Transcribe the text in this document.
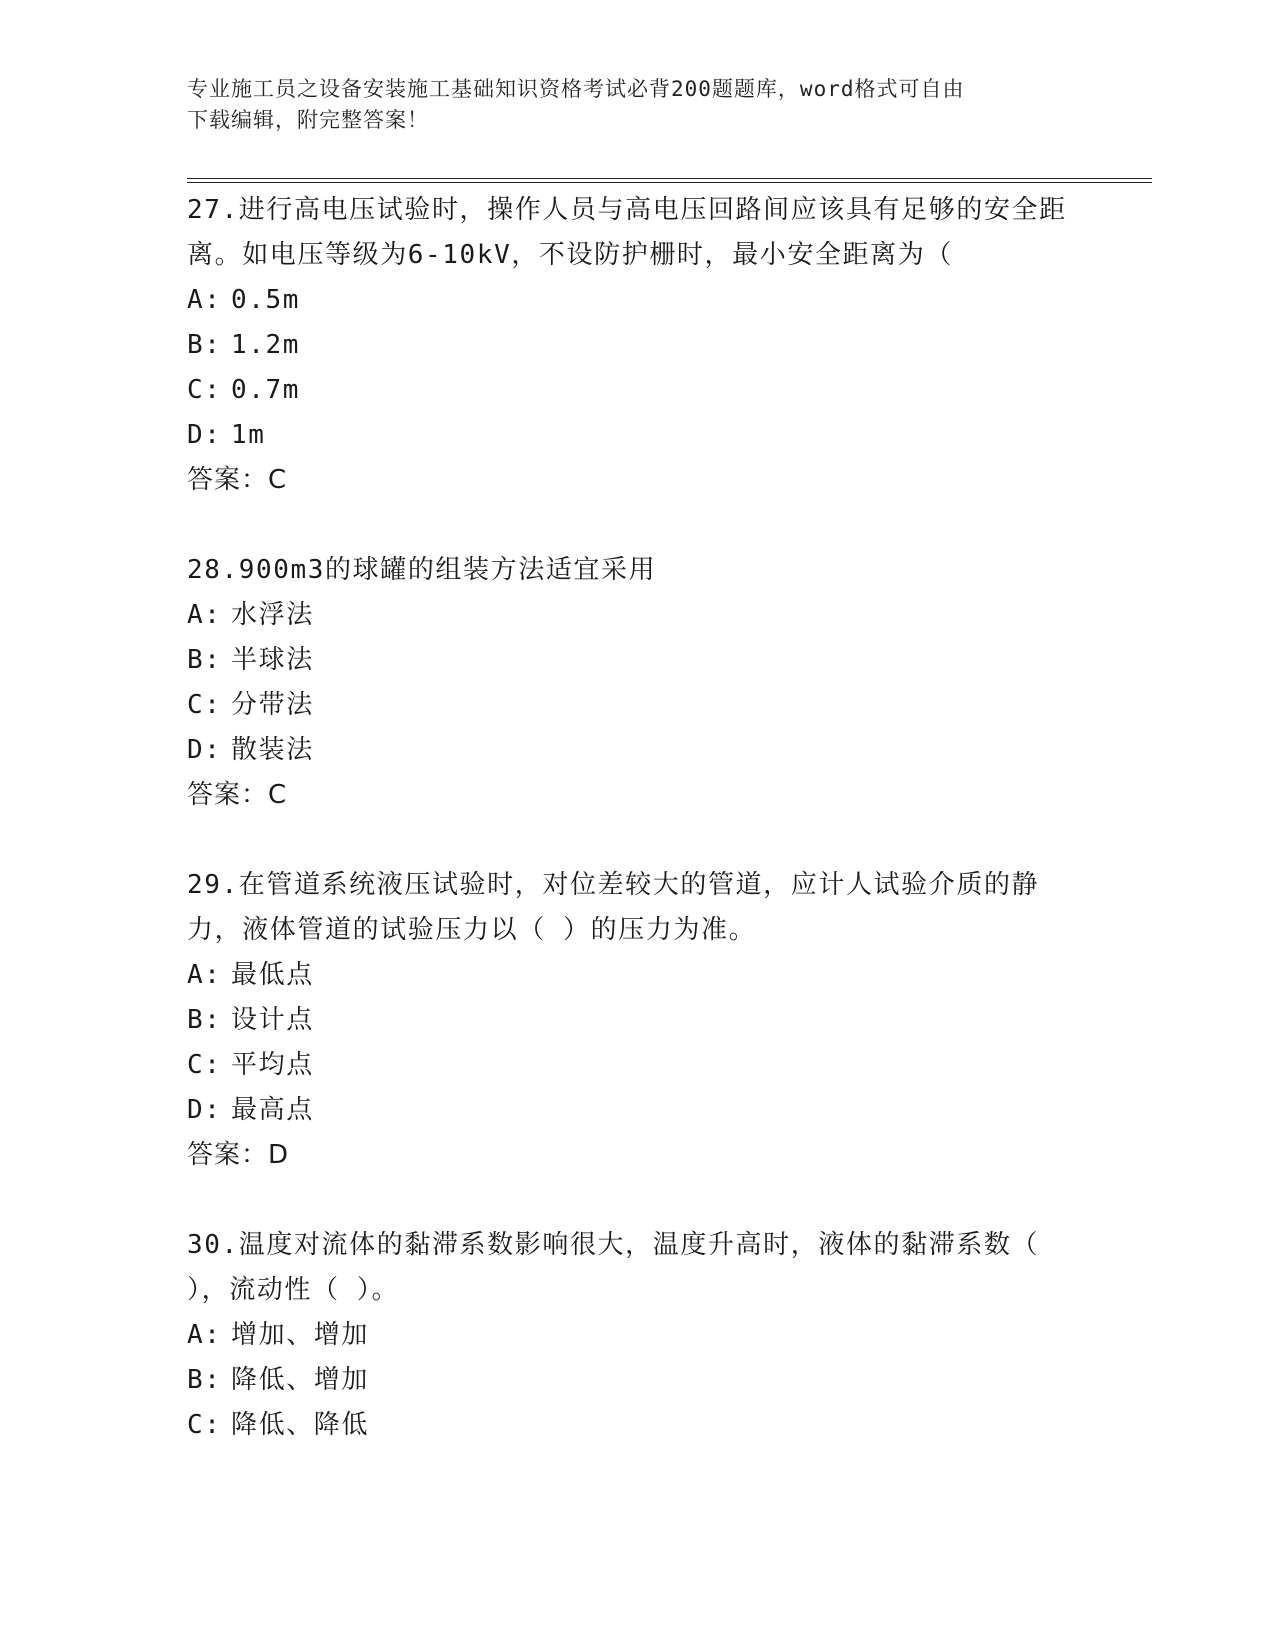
专业施工员之设备安装施工基础知识资格考试必背200题题库，word格式可自由
下载编辑，附完整答案！

27.进行高电压试验时，操作人员与高电压回路间应该具有足够的安全距离。如电压等级为6-10kV，不设防护栅时，最小安全距离为（

A: 0.5m

B: 1.2m

C: 0.7m

D: 1m

答案：C

28.900m3的球罐的组装方法适宜采用

A: 水浮法

B: 半球法

C: 分带法

D: 散装法

答案：C

29.在管道系统液压试验时，对位差较大的管道，应计人试验介质的静力，液体管道的试验压力以（ ）的压力为准。

A: 最低点

B: 设计点

C: 平均点

D: 最高点

答案：D

30.温度对流体的黏滞系数影响很大，温度升高时，液体的黏滞系数（ ），流动性（ ）。

A: 增加、增加

B: 降低、增加

C: 降低、降低
